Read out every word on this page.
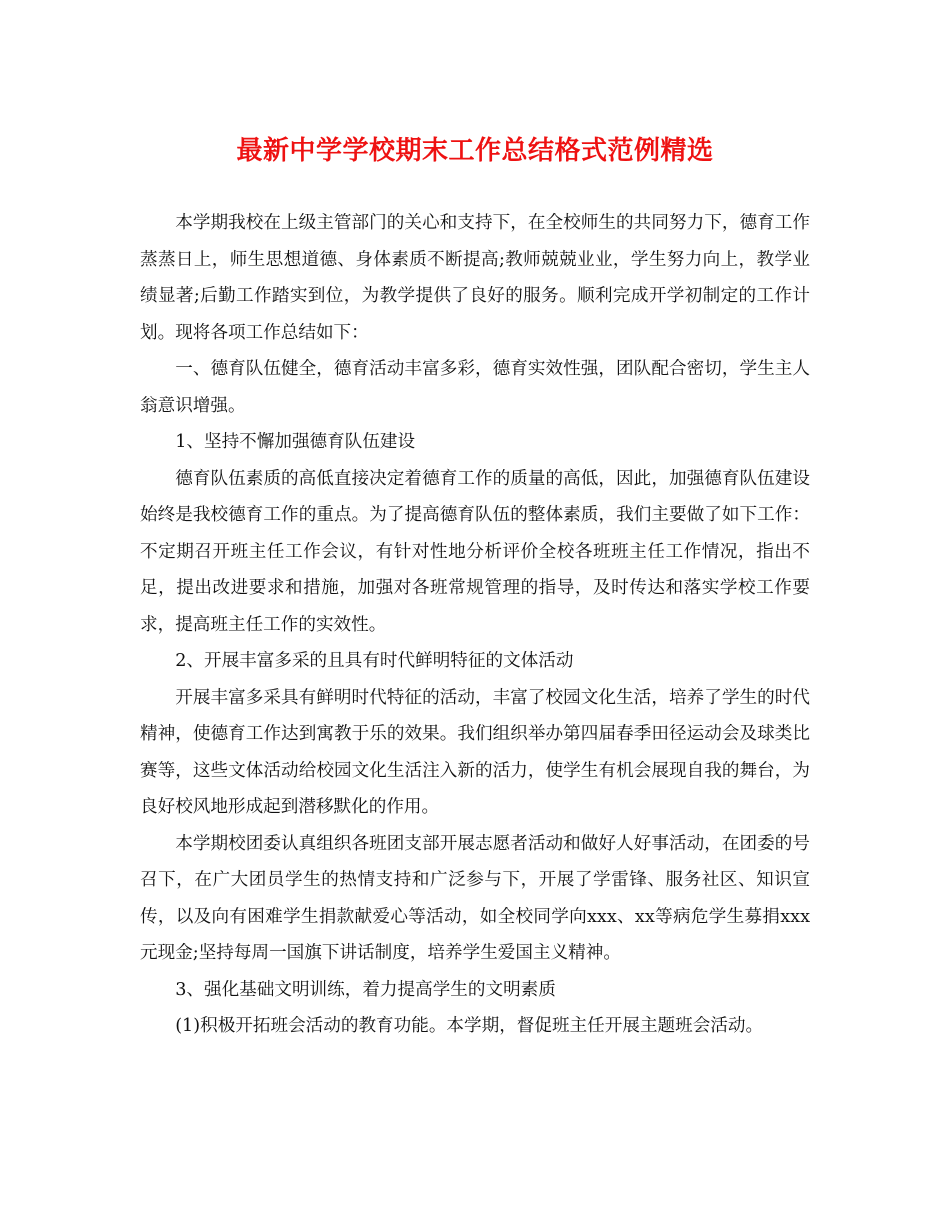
最新中学学校期末工作总结格式范例精选

本学期我校在上级主管部门的关心和支持下，在全校师生的共同努力下，德育工作蒸蒸日上，师生思想道德、身体素质不断提高;教师兢兢业业，学生努力向上，教学业绩显著;后勤工作踏实到位，为教学提供了良好的服务。顺利完成开学初制定的工作计划。现将各项工作总结如下：

一、德育队伍健全，德育活动丰富多彩，德育实效性强，团队配合密切，学生主人翁意识增强。

1、坚持不懈加强德育队伍建设

德育队伍素质的高低直接决定着德育工作的质量的高低，因此，加强德育队伍建设始终是我校德育工作的重点。为了提高德育队伍的整体素质，我们主要做了如下工作：不定期召开班主任工作会议，有针对性地分析评价全校各班班主任工作情况，指出不足，提出改进要求和措施，加强对各班常规管理的指导，及时传达和落实学校工作要求，提高班主任工作的实效性。

2、开展丰富多采的且具有时代鲜明特征的文体活动

开展丰富多采具有鲜明时代特征的活动，丰富了校园文化生活，培养了学生的时代精神，使德育工作达到寓教于乐的效果。我们组织举办第四届春季田径运动会及球类比赛等，这些文体活动给校园文化生活注入新的活力，使学生有机会展现自我的舞台，为良好校风地形成起到潜移默化的作用。

本学期校团委认真组织各班团支部开展志愿者活动和做好人好事活动，在团委的号召下，在广大团员学生的热情支持和广泛参与下，开展了学雷锋、服务社区、知识宣传，以及向有困难学生捐款献爱心等活动，如全校同学向xxx、xx等病危学生募捐xxx元现金;坚持每周一国旗下讲话制度，培养学生爱国主义精神。

3、强化基础文明训练，着力提高学生的文明素质

(1)积极开拓班会活动的教育功能。本学期，督促班主任开展主题班会活动。
